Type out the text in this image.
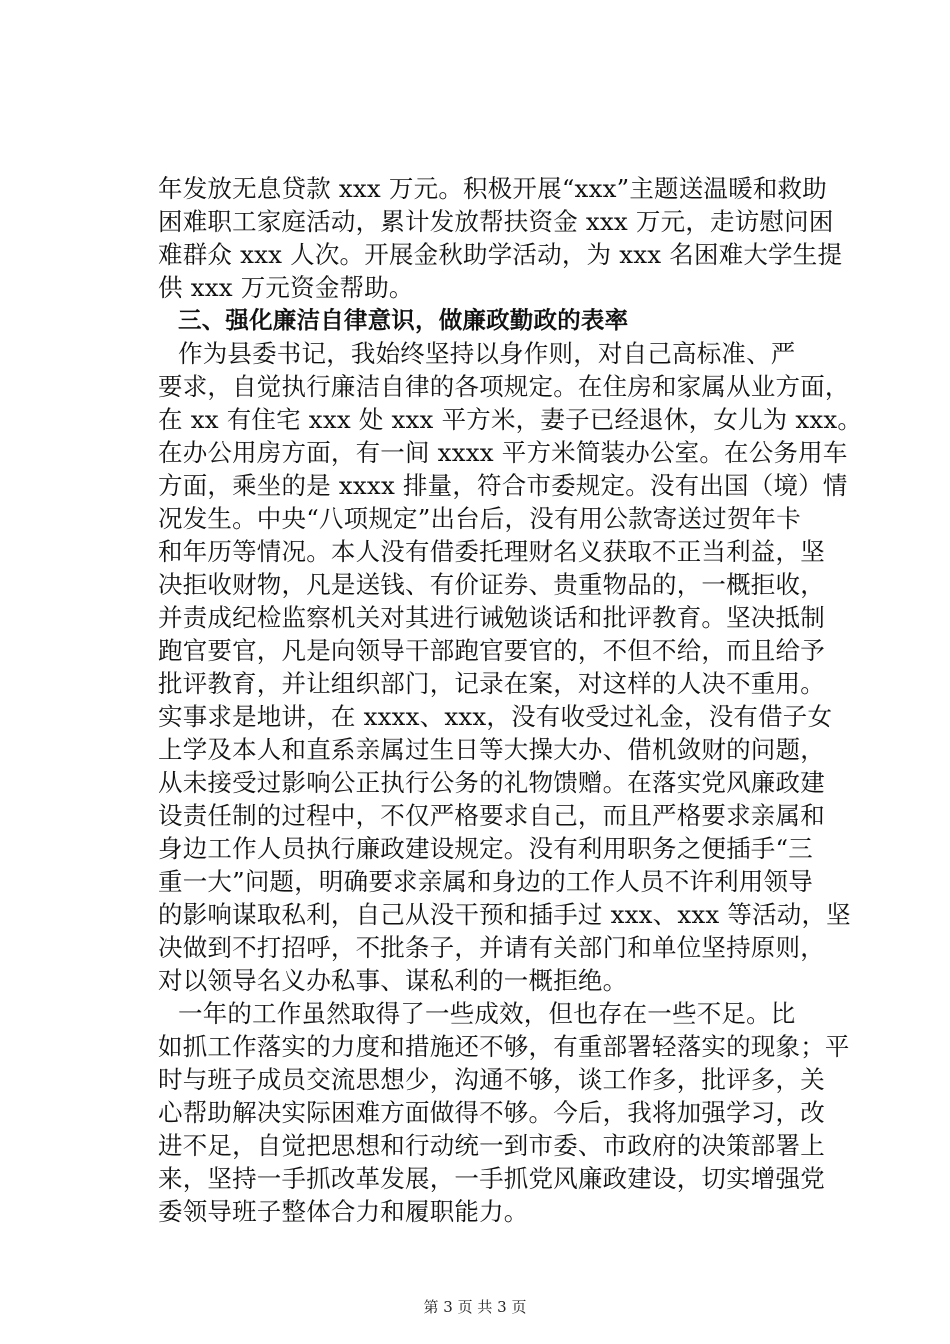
年发放无息贷款 xxx 万元。积极开展“xxx”主题送温暖和救助
困难职工家庭活动，累计发放帮扶资金 xxx 万元，走访慰问困
难群众 xxx 人次。开展金秋助学活动，为 xxx 名困难大学生提
供 xxx 万元资金帮助。
三、强化廉洁自律意识，做廉政勤政的表率
作为县委书记，我始终坚持以身作则，对自己高标准、严
要求，自觉执行廉洁自律的各项规定。在住房和家属从业方面，
在 xx 有住宅 xxx 处 xxx 平方米，妻子已经退休，女儿为 xxx。
在办公用房方面，有一间 xxxx 平方米简装办公室。在公务用车
方面，乘坐的是 xxxx 排量，符合市委规定。没有出国（境）情
况发生。中央“八项规定”出台后，没有用公款寄送过贺年卡
和年历等情况。本人没有借委托理财名义获取不正当利益，坚
决拒收财物，凡是送钱、有价证券、贵重物品的，一概拒收，
并责成纪检监察机关对其进行诫勉谈话和批评教育。坚决抵制
跑官要官，凡是向领导干部跑官要官的，不但不给，而且给予
批评教育，并让组织部门，记录在案，对这样的人决不重用。
实事求是地讲，在 xxxx、xxx，没有收受过礼金，没有借子女
上学及本人和直系亲属过生日等大操大办、借机敛财的问题，
从未接受过影响公正执行公务的礼物馈赠。在落实党风廉政建
设责任制的过程中，不仅严格要求自己，而且严格要求亲属和
身边工作人员执行廉政建设规定。没有利用职务之便插手“三
重一大”问题，明确要求亲属和身边的工作人员不许利用领导
的影响谋取私利，自己从没干预和插手过 xxx、xxx 等活动，坚
决做到不打招呼，不批条子，并请有关部门和单位坚持原则，
对以领导名义办私事、谋私利的一概拒绝。
一年的工作虽然取得了一些成效，但也存在一些不足。比
如抓工作落实的力度和措施还不够，有重部署轻落实的现象；平
时与班子成员交流思想少，沟通不够，谈工作多，批评多，关
心帮助解决实际困难方面做得不够。今后，我将加强学习，改
进不足，自觉把思想和行动统一到市委、市政府的决策部署上
来，坚持一手抓改革发展，一手抓党风廉政建设，切实增强党
委领导班子整体合力和履职能力。
第 3 页 共 3 页
